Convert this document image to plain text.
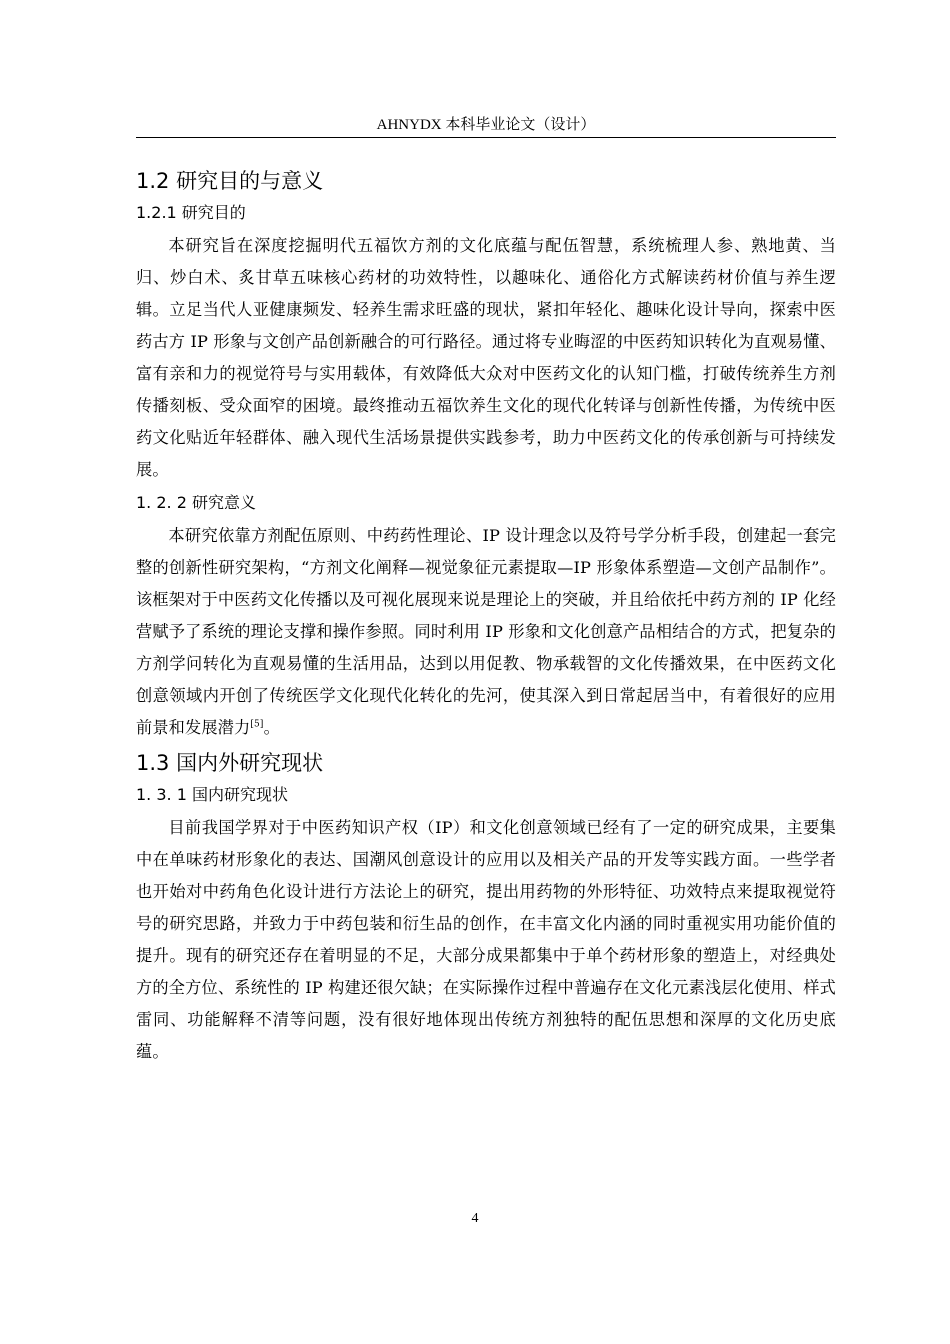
AHNYDX 本科毕业论文（设计）
1.2 研究目的与意义
1.2.1 研究目的

本研究旨在深度挖掘明代五福饮方剂的文化底蕴与配伍智慧，系统梳理人参、熟地黄、当归、炒白术、炙甘草五味核心药材的功效特性，以趣味化、通俗化方式解读药材价值与养生逻辑。立足当代人亚健康频发、轻养生需求旺盛的现状，紧扣年轻化、趣味化设计导向，探索中医药古方 IP 形象与文创产品创新融合的可行路径。通过将专业晦涩的中医药知识转化为直观易懂、富有亲和力的视觉符号与实用载体，有效降低大众对中医药文化的认知门槛，打破传统养生方剂传播刻板、受众面窄的困境。最终推动五福饮养生文化的现代化转译与创新性传播，为传统中医药文化贴近年轻群体、融入现代生活场景提供实践参考，助力中医药文化的传承创新与可持续发展。

1. 2. 2 研究意义

本研究依靠方剂配伍原则、中药药性理论、IP 设计理念以及符号学分析手段，创建起一套完整的创新性研究架构，“方剂文化阐释—视觉象征元素提取—IP 形象体系塑造—文创产品制作”。该框架对于中医药文化传播以及可视化展现来说是理论上的突破，并且给依托中药方剂的 IP 化经营赋予了系统的理论支撑和操作参照。同时利用 IP 形象和文化创意产品相结合的方式，把复杂的方剂学问转化为直观易懂的生活用品，达到以用促教、物承载智的文化传播效果，在中医药文化创意领域内开创了传统医学文化现代化转化的先河，使其深入到日常起居当中，有着很好的应用前景和发展潜力[5]。

1.3 国内外研究现状
1. 3. 1 国内研究现状

目前我国学界对于中医药知识产权（IP）和文化创意领域已经有了一定的研究成果，主要集中在单味药材形象化的表达、国潮风创意设计的应用以及相关产品的开发等实践方面。一些学者也开始对中药角色化设计进行方法论上的研究，提出用药物的外形特征、功效特点来提取视觉符号的研究思路，并致力于中药包装和衍生品的创作，在丰富文化内涵的同时重视实用功能价值的提升。现有的研究还存在着明显的不足，大部分成果都集中于单个药材形象的塑造上，对经典处方的全方位、系统性的 IP 构建还很欠缺；在实际操作过程中普遍存在文化元素浅层化使用、样式雷同、功能解释不清等问题，没有很好地体现出传统方剂独特的配伍思想和深厚的文化历史底蕴。

4
